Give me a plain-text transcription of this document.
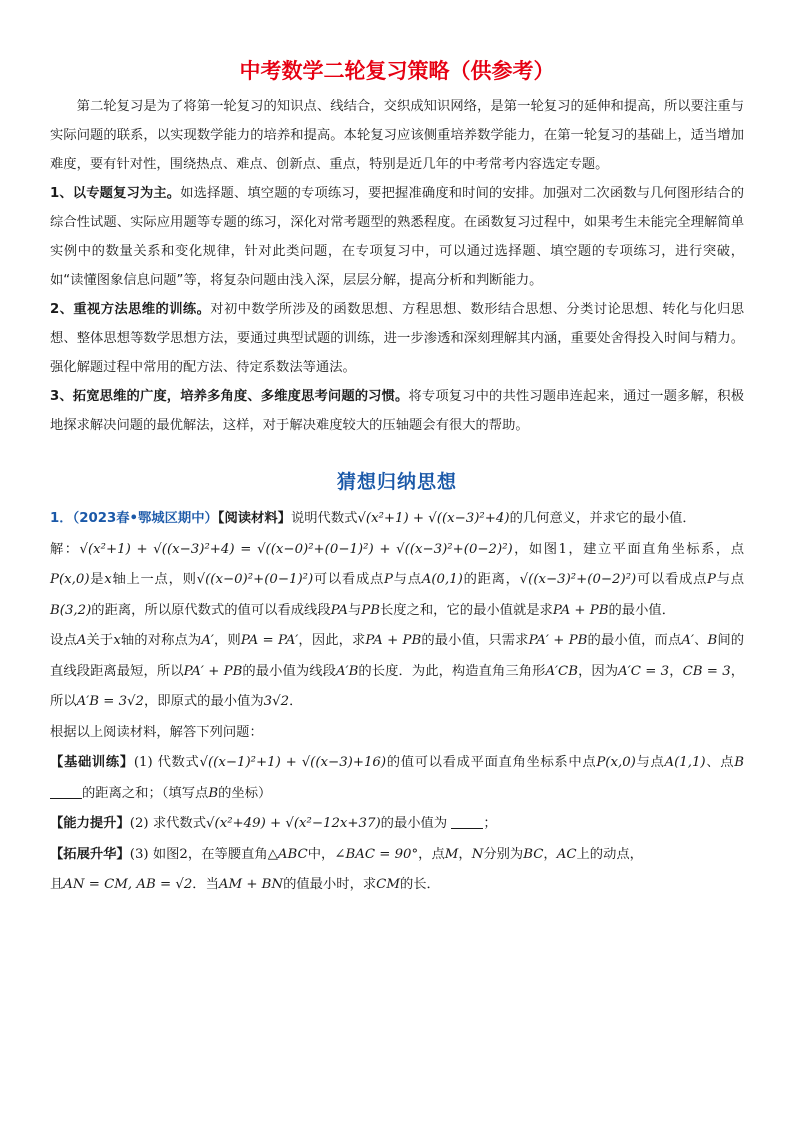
中考数学二轮复习策略（供参考）

第二轮复习是为了将第一轮复习的知识点、线结合，交织成知识网络，是第一轮复习的延伸和提高，所以要注重与实际问题的联系，以实现数学能力的培养和提高。本轮复习应该侧重培养数学能力，在第一轮复习的基础上，适当增加难度，要有针对性，围绕热点、难点、创新点、重点，特别是近几年的中考常考内容选定专题。

1、以专题复习为主。如选择题、填空题的专项练习，要把握准确度和时间的安排。加强对二次函数与几何图形结合的综合性试题、实际应用题等专题的练习，深化对常考题型的熟悉程度。在函数复习过程中，如果考生未能完全理解简单实例中的数量关系和变化规律，针对此类问题，在专项复习中，可以通过选择题、填空题的专项练习，进行突破，如“读懂图象信息问题”等，将复杂问题由浅入深，层层分解，提高分析和判断能力。

2、重视方法思维的训练。对初中数学所涉及的函数思想、方程思想、数形结合思想、分类讨论思想、转化与化归思想、整体思想等数学思想方法，要通过典型试题的训练，进一步渗透和深刻理解其内涵，重要处舍得投入时间与精力。强化解题过程中常用的配方法、待定系数法等通法。

3、拓宽思维的广度，培养多角度、多维度思考问题的习惯。将专项复习中的共性习题串连起来，通过一题多解，积极地探求解决问题的最优解法，这样，对于解决难度较大的压轴题会有很大的帮助。

猜想归纳思想

1．（2023春•鄂城区期中）【阅读材料】说明代数式√(x²+1) + √((x−3)²+4)的几何意义，并求它的最小值．

解：√(x²+1) + √((x−3)²+4) = √((x−0)²+(0−1)²) + √((x−3)²+(0−2)²)，如图1，建立平面直角坐标系，点P(x,0)是x轴上一点，则√((x−0)²+(0−1)²)可以看成点P与点A(0,1)的距离，√((x−3)²+(0−2)²)可以看成点P与点B(3,2)的距离，所以原代数式的值可以看成线段PA与PB长度之和，它的最小值就是求PA + PB的最小值．

设点A关于x轴的对称点为A′，则PA = PA′，因此，求PA + PB的最小值，只需求PA′ + PB的最小值，而点A′、B间的直线段距离最短，所以PA′ + PB的最小值为线段A′B的长度．为此，构造直角三角形A′CB，因为A′C = 3，CB = 3，所以A′B = 3√2，即原式的最小值为3√2．

根据以上阅读材料，解答下列问题：

【基础训练】(1) 代数式√((x−1)²+1) + √((x−3)+16)的值可以看成平面直角坐标系中点P(x,0)与点A(1,1)、点B的距离之和；（填写点B的坐标）

【能力提升】(2) 求代数式√(x²+49) + √(x²−12x+37)的最小值为	；

【拓展升华】(3) 如图2，在等腰直角△ABC中，∠BAC = 90°，点M，N分别为BC，AC上的动点，

且AN = CM, AB = √2．当AM + BN的值最小时，求CM的长．
